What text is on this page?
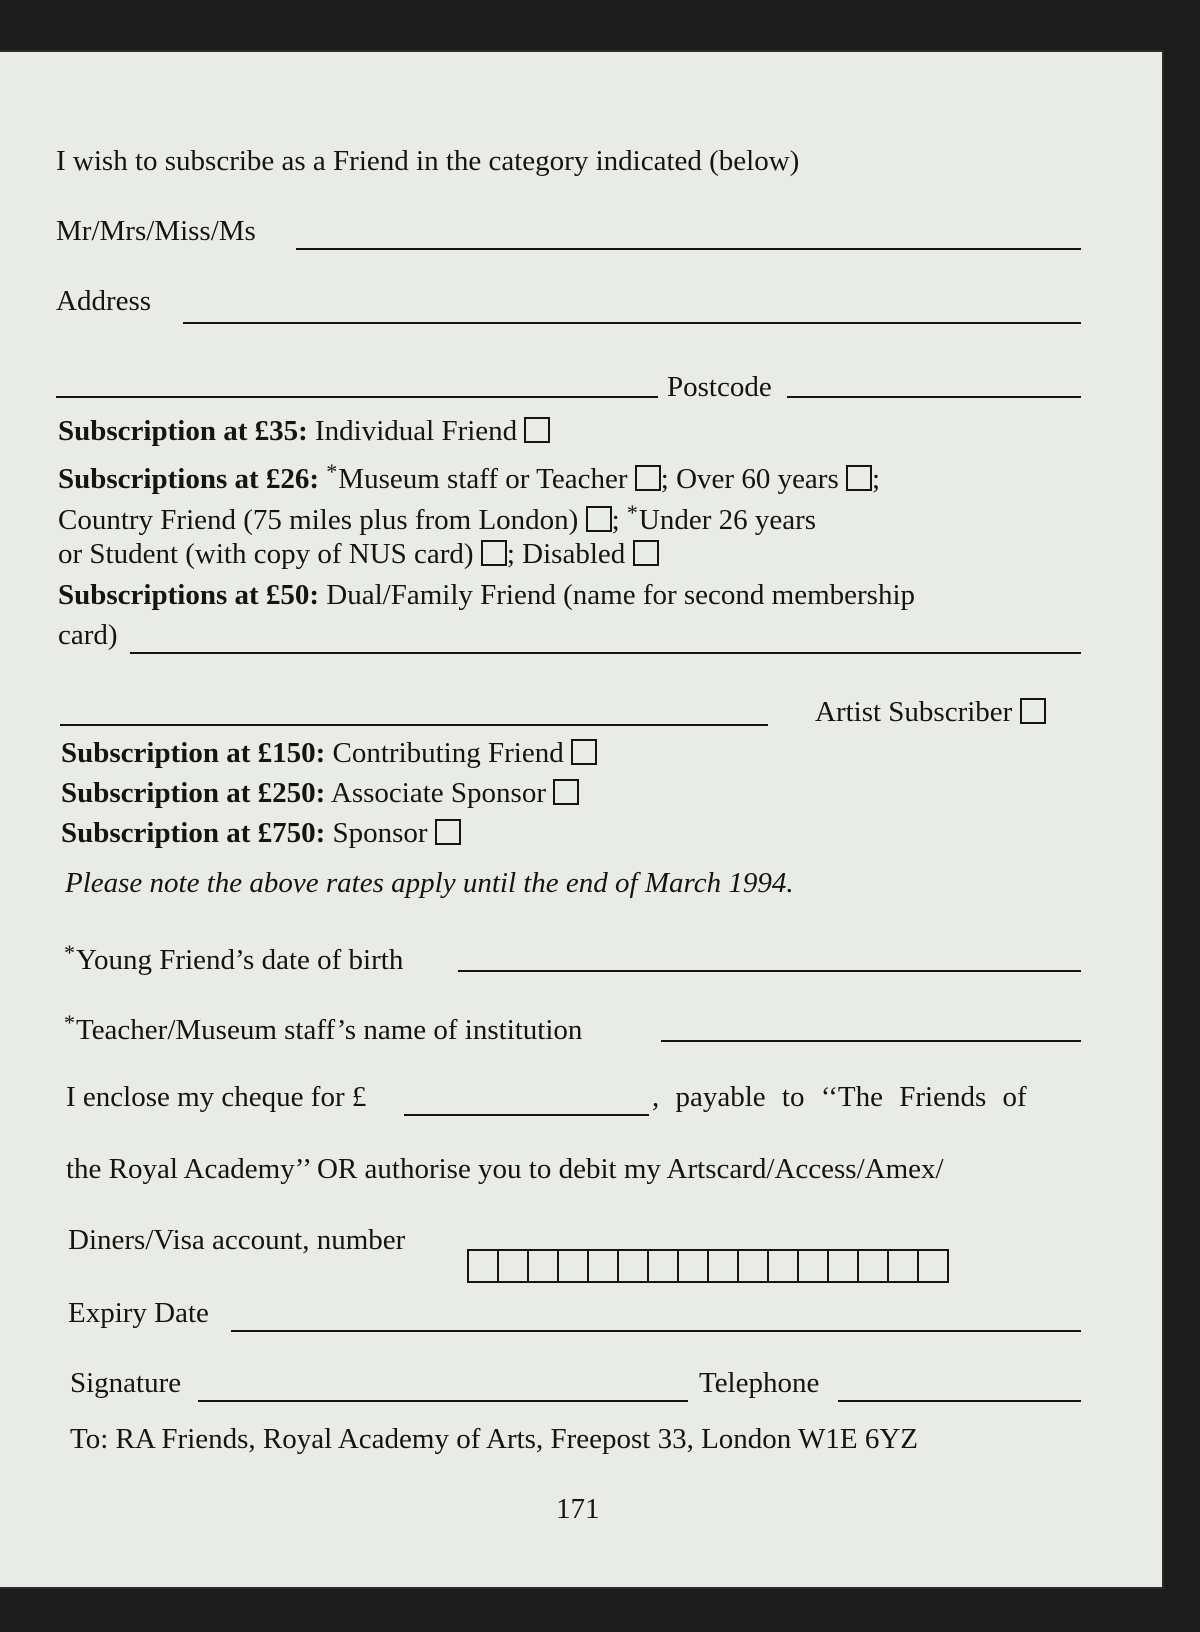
I wish to subscribe as a Friend in the category indicated (below)
Mr/Mrs/Miss/Ms
Address
Postcode
Subscription at £35: Individual Friend
Subscriptions at £26: *Museum staff or Teacher ; Over 60 years ;
Country Friend (75 miles plus from London) ; *Under 26 years
or Student (with copy of NUS card) ; Disabled
Subscriptions at £50: Dual/Family Friend (name for second membership
card)
Artist Subscriber
Subscription at £150: Contributing Friend
Subscription at £250: Associate Sponsor
Subscription at £750: Sponsor
Please note the above rates apply until the end of March 1994.
*Young Friend’s date of birth
*Teacher/Museum staff’s name of institution
I enclose my cheque for £	, payable to ‘‘The Friends of
the Royal Academy’’ OR authorise you to debit my Artscard/Access/Amex/
Diners/Visa account, number
Expiry Date
Signature	Telephone
To: RA Friends, Royal Academy of Arts, Freepost 33, London W1E 6YZ
171
